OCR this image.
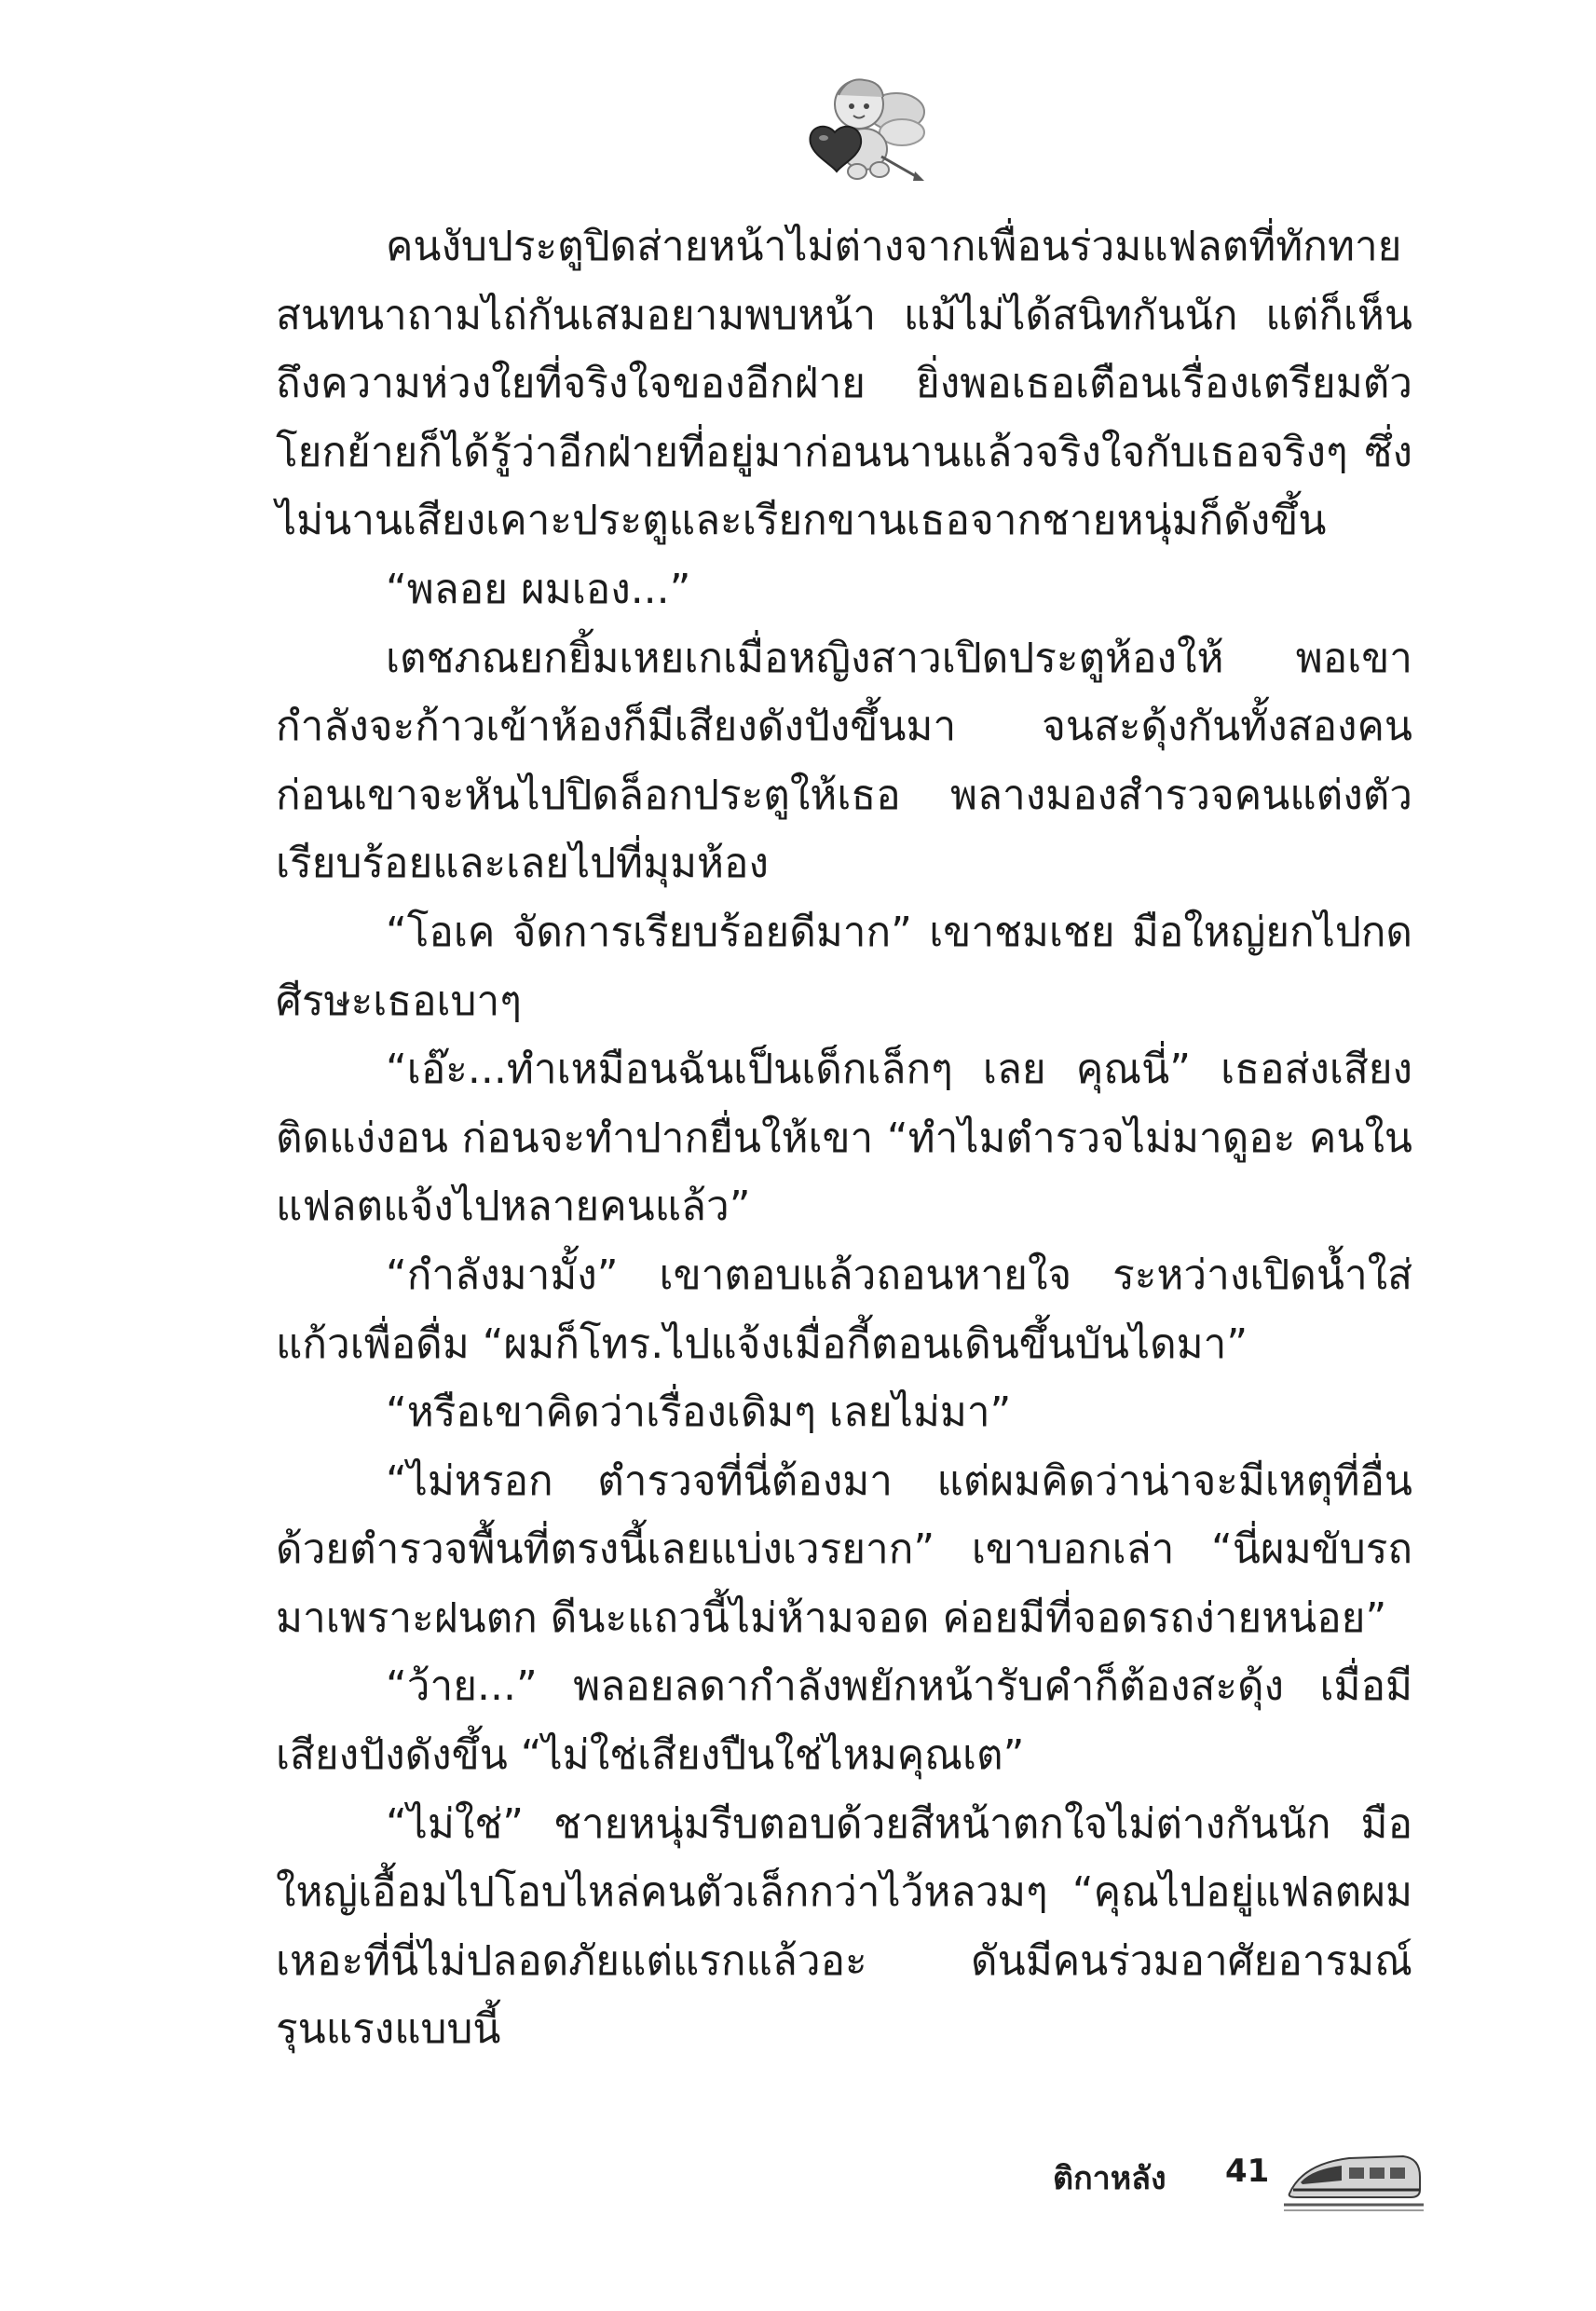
คนงับประตูปิดส่ายหน้าไม่ต่างจากเพื่อนร่วมแฟลตที่ทักทายสนทนาถามไถ่กันเสมอยามพบหน้า แม้ไม่ได้สนิทกันนัก แต่ก็เห็นถึงความห่วงใยที่จริงใจของอีกฝ่าย ยิ่งพอเธอเตือนเรื่องเตรียมตัวโยกย้ายก็ได้รู้ว่าอีกฝ่ายที่อยู่มาก่อนนานแล้วจริงใจกับเธอจริงๆ ซึ่งไม่นานเสียงเคาะประตูและเรียกขานเธอจากชายหนุ่มก็ดังขึ้น

“พลอย ผมเอง...”

เตชภณยกยิ้มเหยเกเมื่อหญิงสาวเปิดประตูห้องให้ พอเขากำลังจะก้าวเข้าห้องก็มีเสียงดังปังขึ้นมา จนสะดุ้งกันทั้งสองคน ก่อนเขาจะหันไปปิดล็อกประตูให้เธอ พลางมองสำรวจคนแต่งตัวเรียบร้อยและเลยไปที่มุมห้อง

“โอเค จัดการเรียบร้อยดีมาก” เขาชมเชย มือใหญ่ยกไปกดศีรษะเธอเบาๆ

“เอ๊ะ...ทำเหมือนฉันเป็นเด็กเล็กๆ เลย คุณนี่” เธอส่งเสียงติดแง่งอน ก่อนจะทำปากยื่นให้เขา “ทำไมตำรวจไม่มาดูอะ คนในแฟลตแจ้งไปหลายคนแล้ว”

“กำลังมามั้ง” เขาตอบแล้วถอนหายใจ ระหว่างเปิดน้ำใส่แก้วเพื่อดื่ม “ผมก็โทร.ไปแจ้งเมื่อกี้ตอนเดินขึ้นบันไดมา”

“หรือเขาคิดว่าเรื่องเดิมๆ เลยไม่มา”

“ไม่หรอก ตำรวจที่นี่ต้องมา แต่ผมคิดว่าน่าจะมีเหตุที่อื่นด้วยตำรวจพื้นที่ตรงนี้เลยแบ่งเวรยาก” เขาบอกเล่า “นี่ผมขับรถมาเพราะฝนตก ดีนะแถวนี้ไม่ห้ามจอด ค่อยมีที่จอดรถง่ายหน่อย”

“ว้าย...” พลอยลดากำลังพยักหน้ารับคำก็ต้องสะดุ้ง เมื่อมีเสียงปังดังขึ้น “ไม่ใช่เสียงปืนใช่ไหมคุณเต”

“ไม่ใช่” ชายหนุ่มรีบตอบด้วยสีหน้าตกใจไม่ต่างกันนัก มือใหญ่เอื้อมไปโอบไหล่คนตัวเล็กกว่าไว้หลวมๆ “คุณไปอยู่แฟลตผมเหอะที่นี่ไม่ปลอดภัยแต่แรกแล้วอะ ดันมีคนร่วมอาศัยอารมณ์รุนแรงแบบนี้

ติกาหลัง 41
